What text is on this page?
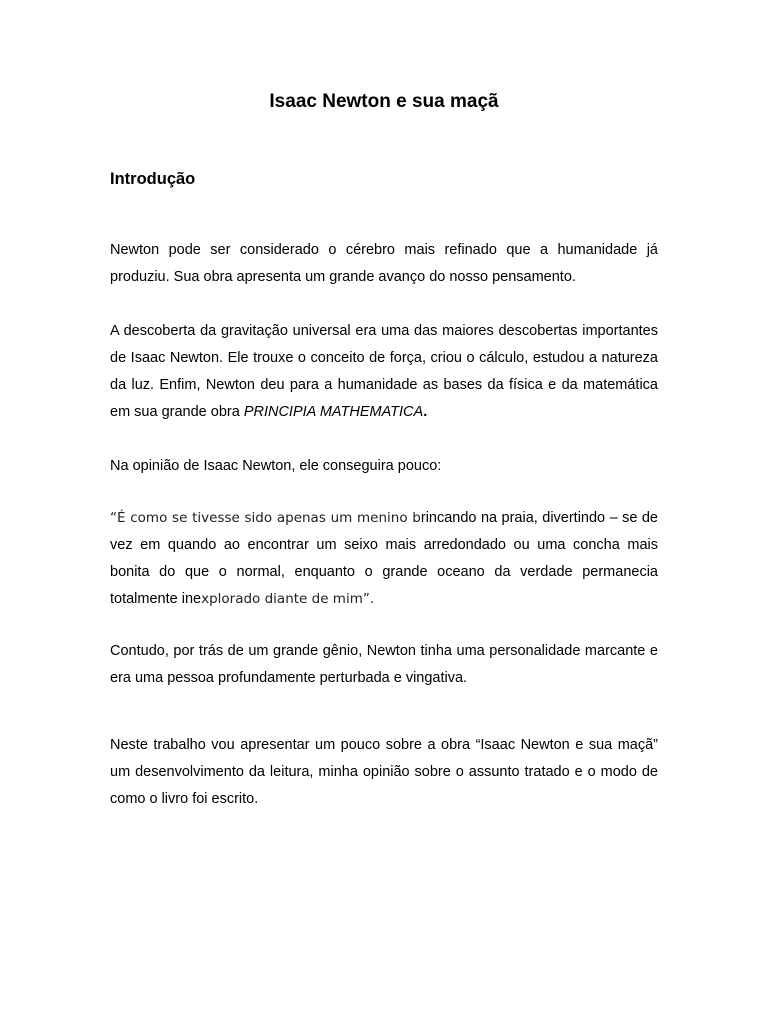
Isaac Newton e sua maçã
Introdução

Newton pode ser considerado o cérebro mais refinado que a humanidade já produziu. Sua obra apresenta um grande avanço do nosso pensamento.

A descoberta da gravitação universal era uma das maiores descobertas importantes de Isaac Newton. Ele trouxe o conceito de força, criou o cálculo, estudou a natureza da luz. Enfim, Newton deu para a humanidade as bases da física e da matemática em sua grande obra PRINCIPIA MATHEMATICA.

Na opinião de Isaac Newton, ele conseguira pouco:

“É como se tivesse sido apenas um menino brincando na praia, divertindo – se de vez em quando ao encontrar um seixo mais arredondado ou uma concha mais bonita do que o normal, enquanto o grande oceano da verdade permanecia totalmente inexplorado diante de mim”.

Contudo, por trás de um grande gênio, Newton tinha uma personalidade marcante e era uma pessoa profundamente perturbada e vingativa.

Neste trabalho vou apresentar um pouco sobre a obra “Isaac Newton e sua maçã” um desenvolvimento da leitura, minha opinião sobre o assunto tratado e o modo de como o livro foi escrito.
